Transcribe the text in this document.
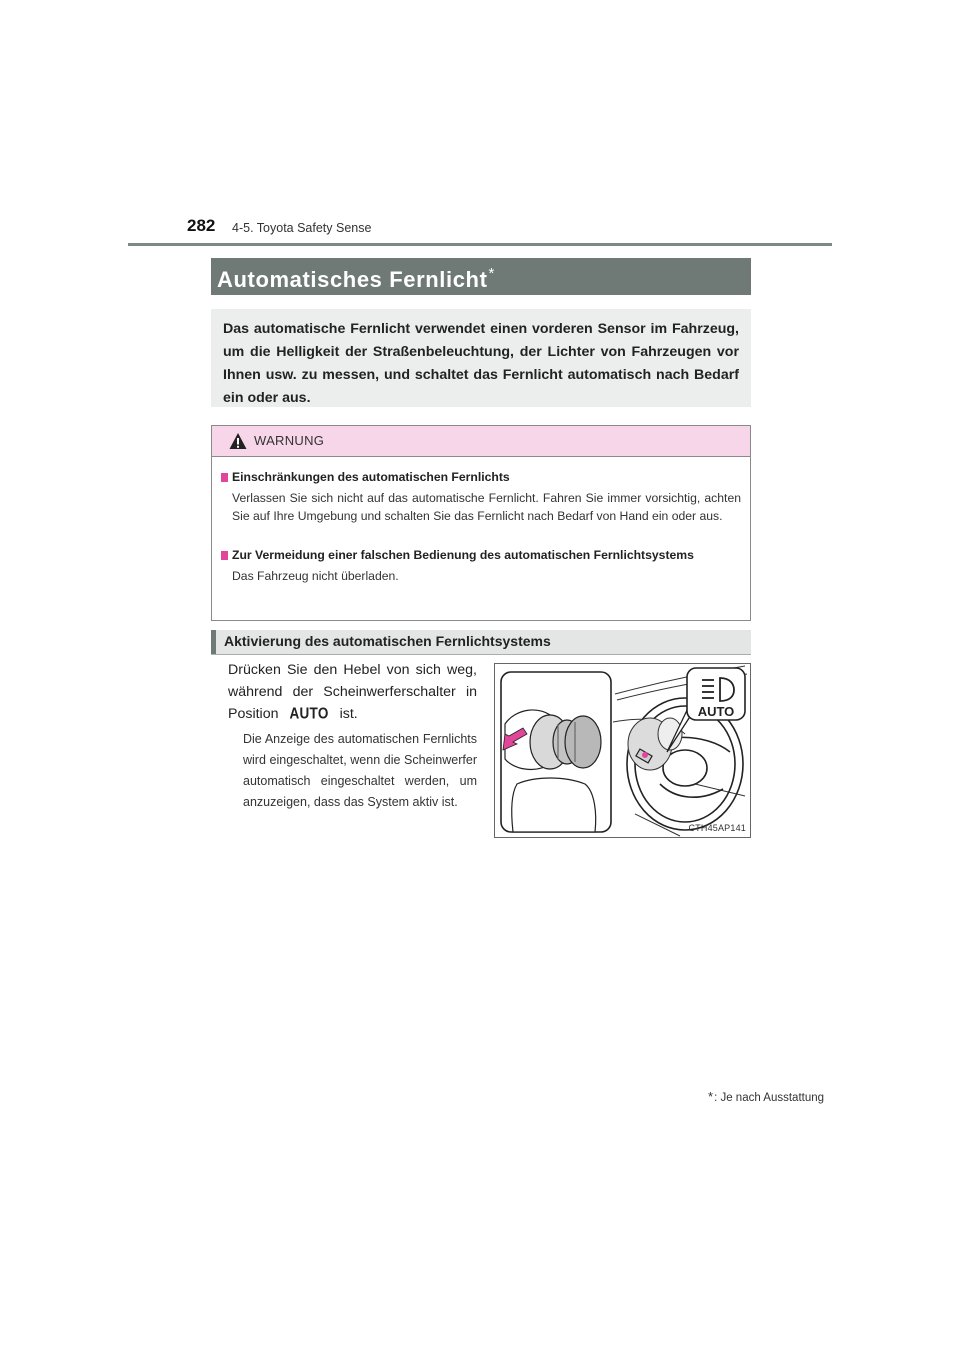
282 4-5. Toyota Safety Sense
Automatisches Fernlicht*
Das automatische Fernlicht verwendet einen vorderen Sensor im Fahrzeug, um die Helligkeit der Straßenbeleuchtung, der Lichter von Fahrzeugen vor Ihnen usw. zu messen, und schaltet das Fernlicht automatisch nach Bedarf ein oder aus.
WARNUNG
Einschränkungen des automatischen Fernlichts
Verlassen Sie sich nicht auf das automatische Fernlicht. Fahren Sie immer vorsichtig, achten Sie auf Ihre Umgebung und schalten Sie das Fernlicht nach Bedarf von Hand ein oder aus.
Zur Vermeidung einer falschen Bedienung des automatischen Fernlichtsystems
Das Fahrzeug nicht überladen.
Aktivierung des automatischen Fernlichtsystems
Drücken Sie den Hebel von sich weg, während der Scheinwerferschalter in Position AUTO ist.
Die Anzeige des automatischen Fernlichts wird eingeschaltet, wenn die Scheinwerfer automatisch eingeschaltet werden, um anzuzeigen, dass das System aktiv ist.
AUTO
CTH45AP141
*: Je nach Ausstattung
